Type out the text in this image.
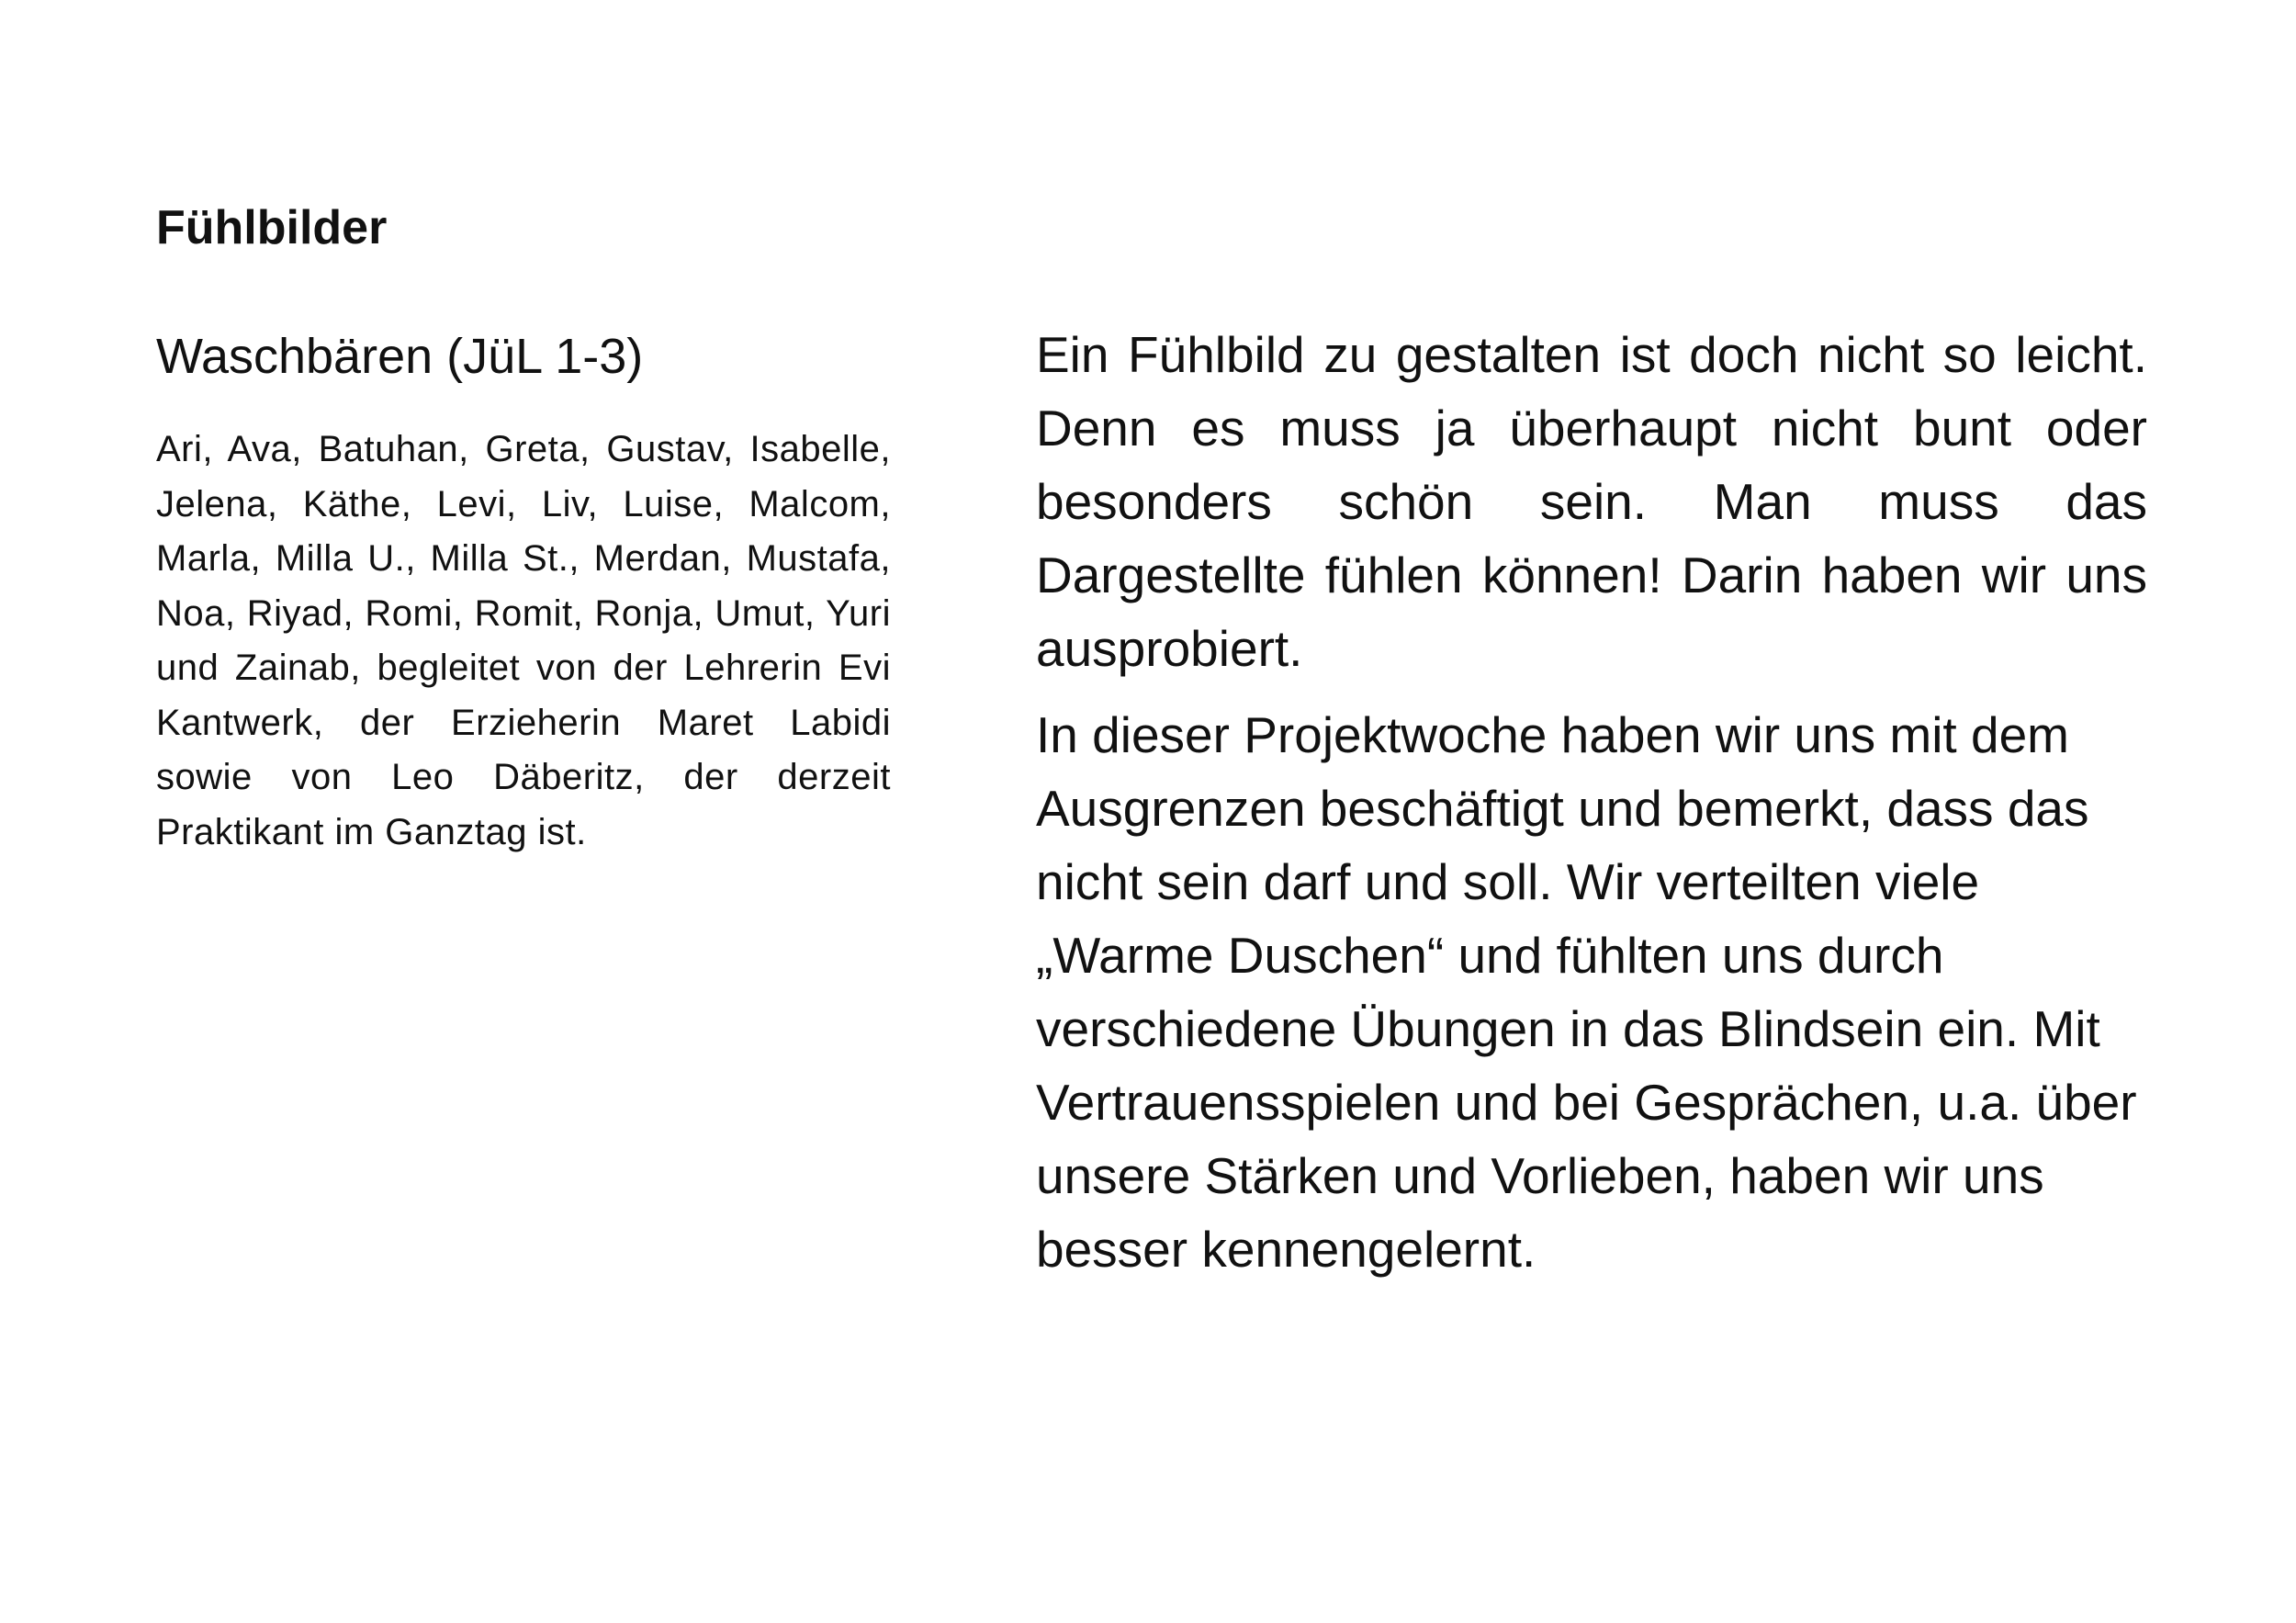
Fühlbilder
Waschbären (JüL 1-3)

Ari, Ava, Batuhan, Greta, Gustav, Isabelle, Jelena, Käthe, Levi, Liv, Luise, Malcom, Marla, Milla U., Milla St., Merdan, Mustafa, Noa, Riyad, Romi, Romit, Ronja, Umut, Yuri und Zainab, begleitet von der Lehrerin Evi Kantwerk, der Erzieherin Maret Labidi sowie von Leo Däberitz, der derzeit Praktikant im Ganztag ist.

Ein Fühlbild zu gestalten ist doch nicht so leicht. Denn es muss ja überhaupt nicht bunt oder besonders schön sein. Man muss das Dargestellte fühlen können! Darin haben wir uns ausprobiert.

In dieser Projektwoche haben wir uns mit dem Ausgrenzen beschäftigt und bemerkt, dass das nicht sein darf und soll. Wir verteilten viele „Warme Duschen“ und fühlten uns durch verschiedene Übungen in das Blindsein ein. Mit Vertrauensspielen und bei Gesprächen, u.a. über unsere Stärken und Vorlieben, haben wir uns besser kennengelernt.
